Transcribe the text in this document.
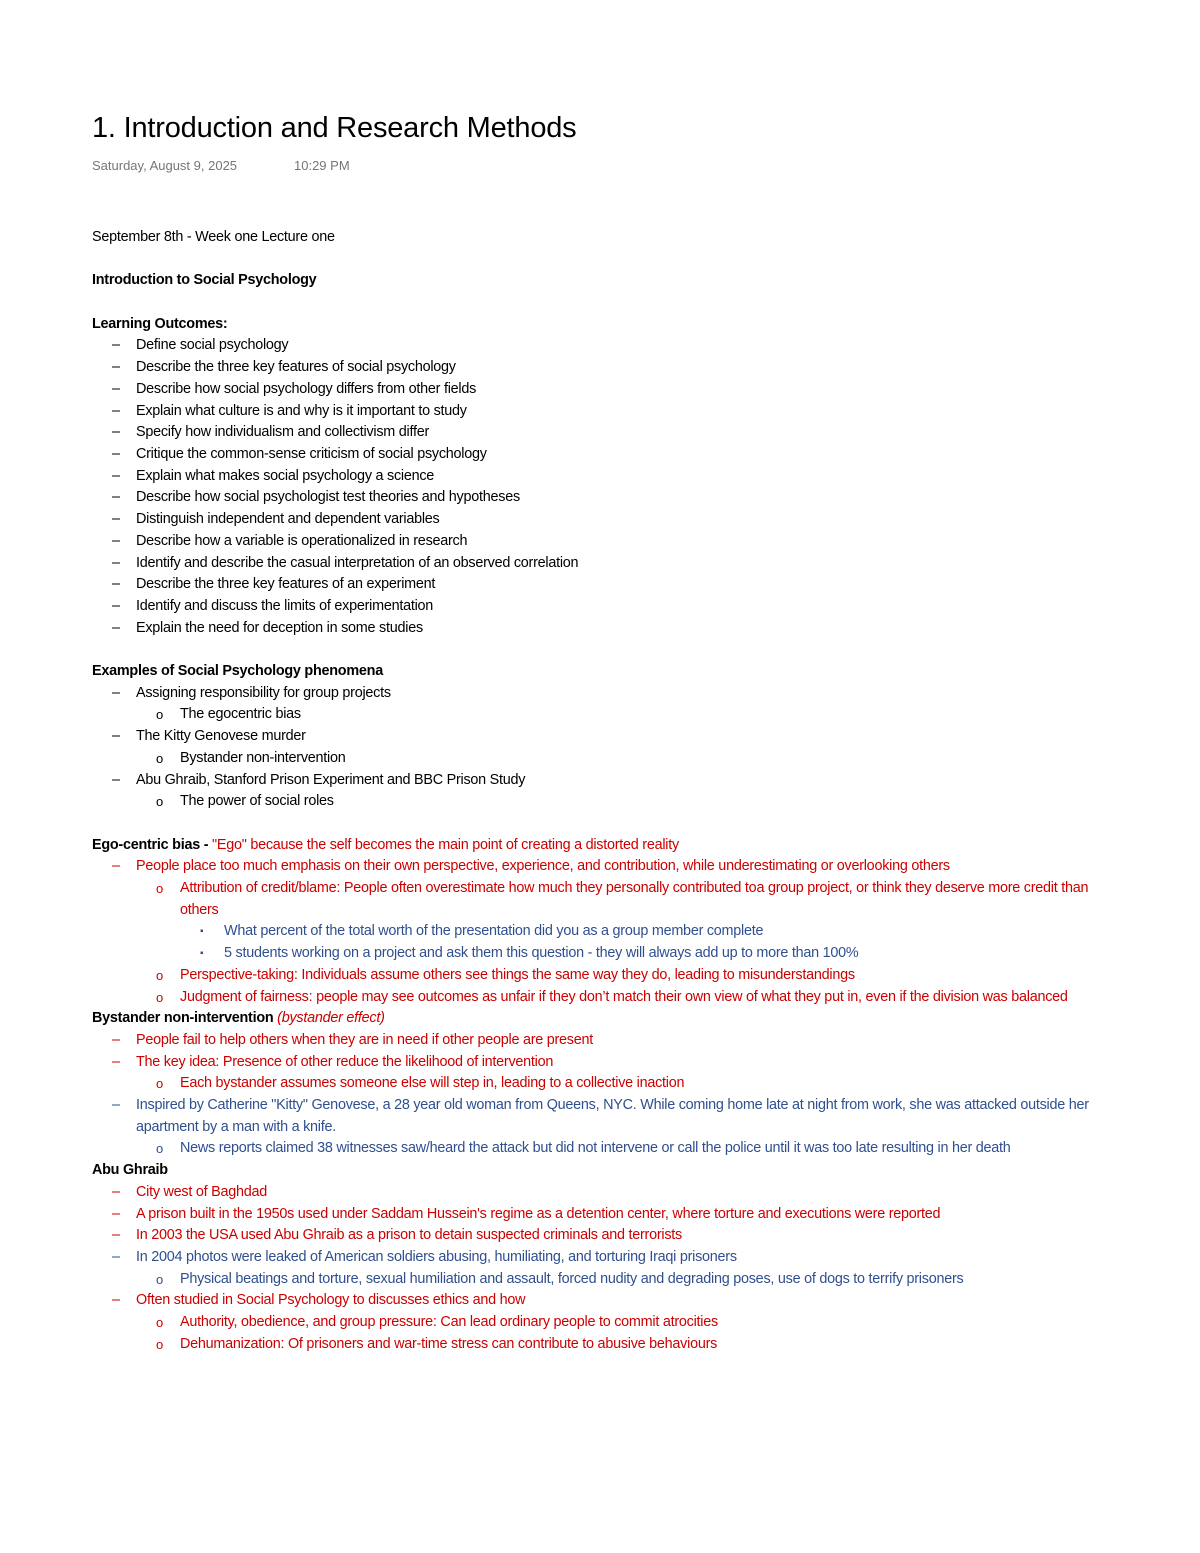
1. Introduction and Research Methods
Saturday, August 9, 2025	10:29 PM
September 8th - Week one Lecture one
Introduction to Social Psychology
Learning Outcomes:
– Define social psychology
– Describe the three key features of social psychology
– Describe how social psychology differs from other fields
– Explain what culture is and why is it important to study
– Specify how individualism and collectivism differ
– Critique the common-sense criticism of social psychology
– Explain what makes social psychology a science
– Describe how social psychologist test theories and hypotheses
– Distinguish independent and dependent variables
– Describe how a variable is operationalized in research
– Identify and describe the casual interpretation of an observed correlation
– Describe the three key features of an experiment
– Identify and discuss the limits of experimentation
– Explain the need for deception in some studies
Examples of Social Psychology phenomena
– Assigning responsibility for group projects
o The egocentric bias
– The Kitty Genovese murder
o Bystander non-intervention
– Abu Ghraib, Stanford Prison Experiment and BBC Prison Study
o The power of social roles
Ego-centric bias - "Ego" because the self becomes the main point of creating a distorted reality
– People place too much emphasis on their own perspective, experience, and contribution, while underestimating or overlooking others
o Attribution of credit/blame: People often overestimate how much they personally contributed toa group project, or think they deserve more credit than others
▪ What percent of the total worth of the presentation did you as a group member complete
▪ 5 students working on a project and ask them this question - they will always add up to more than 100%
o Perspective-taking: Individuals assume others see things the same way they do, leading to misunderstandings
o Judgment of fairness: people may see outcomes as unfair if they don’t match their own view of what they put in, even if the division was balanced
Bystander non-intervention (bystander effect)
– People fail to help others when they are in need if other people are present
– The key idea: Presence of other reduce the likelihood of intervention
o Each bystander assumes someone else will step in, leading to a collective inaction
– Inspired by Catherine "Kitty" Genovese, a 28 year old woman from Queens, NYC. While coming home late at night from work, she was attacked outside her apartment by a man with a knife.
o News reports claimed 38 witnesses saw/heard the attack but did not intervene or call the police until it was too late resulting in her death
Abu Ghraib
– City west of Baghdad
– A prison built in the 1950s used under Saddam Hussein's regime as a detention center, where torture and executions were reported
– In 2003 the USA used Abu Ghraib as a prison to detain suspected criminals and terrorists
– In 2004 photos were leaked of American soldiers abusing, humiliating, and torturing Iraqi prisoners
o Physical beatings and torture, sexual humiliation and assault, forced nudity and degrading poses, use of dogs to terrify prisoners
– Often studied in Social Psychology to discusses ethics and how
o Authority, obedience, and group pressure: Can lead ordinary people to commit atrocities
o Dehumanization: Of prisoners and war-time stress can contribute to abusive behaviours
